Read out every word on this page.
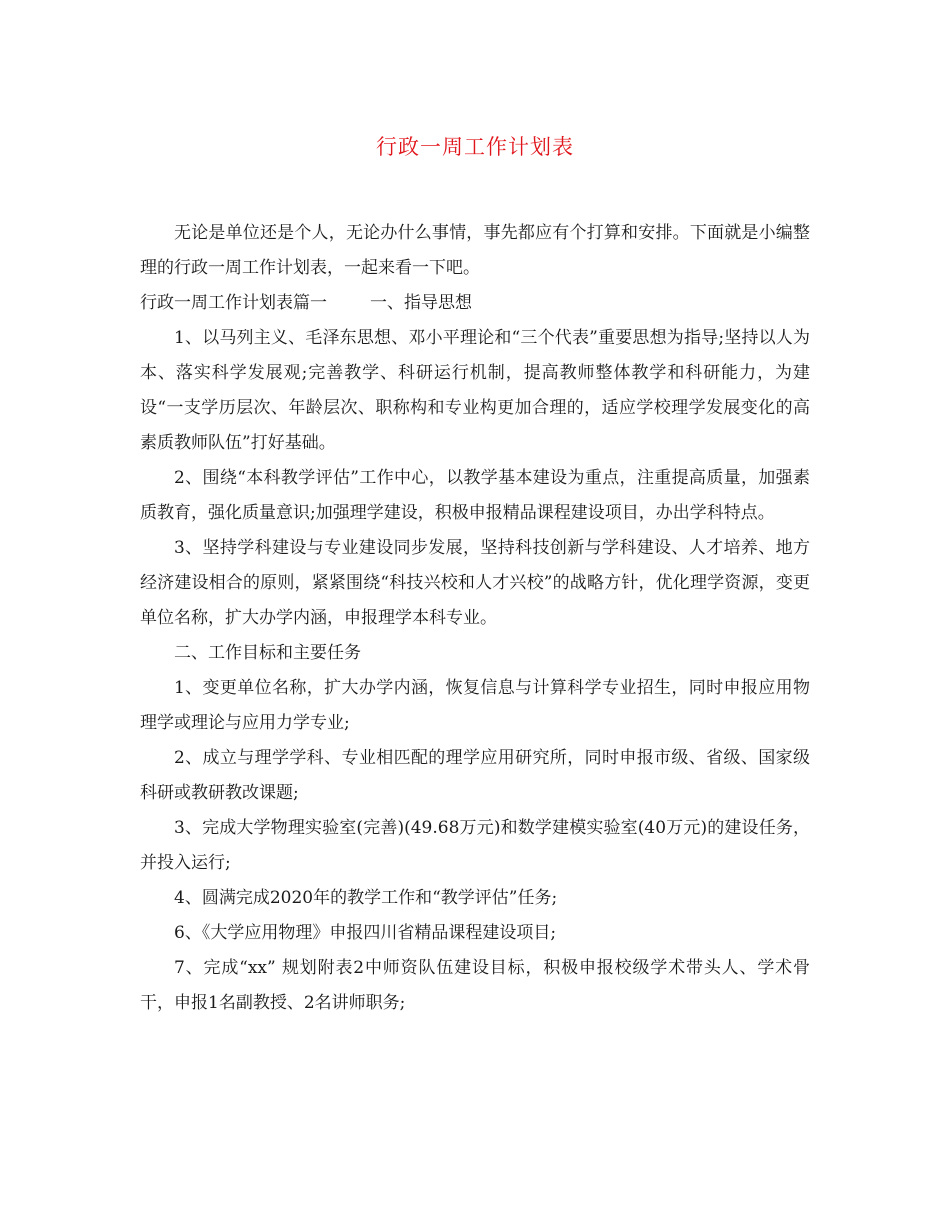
行政一周工作计划表

无论是单位还是个人，无论办什么事情，事先都应有个打算和安排。下面就是小编整理的行政一周工作计划表，一起来看一下吧。

行政一周工作计划表篇一	一、指导思想

1、以马列主义、毛泽东思想、邓小平理论和“三个代表”重要思想为指导;坚持以人为本、落实科学发展观;完善教学、科研运行机制，提高教师整体教学和科研能力，为建设“一支学历层次、年龄层次、职称构和专业构更加合理的，适应学校理学发展变化的高素质教师队伍”打好基础。

2、围绕“本科教学评估”工作中心，以教学基本建设为重点，注重提高质量，加强素质教育，强化质量意识;加强理学建设，积极申报精品课程建设项目，办出学科特点。

3、坚持学科建设与专业建设同步发展，坚持科技创新与学科建设、人才培养、地方经济建设相合的原则，紧紧围绕“科技兴校和人才兴校”的战略方针，优化理学资源，变更单位名称，扩大办学内涵，申报理学本科专业。

二、工作目标和主要任务

1、变更单位名称，扩大办学内涵，恢复信息与计算科学专业招生，同时申报应用物理学或理论与应用力学专业;

2、成立与理学学科、专业相匹配的理学应用研究所，同时申报市级、省级、国家级科研或教研教改课题;

3、完成大学物理实验室(完善)(49.68万元)和数学建模实验室(40万元)的建设任务，并投入运行;

4、圆满完成2020年的教学工作和“教学评估”任务;

6、《大学应用物理》申报四川省精品课程建设项目;

7、完成“xx” 规划附表2中师资队伍建设目标，积极申报校级学术带头人、学术骨干，申报1名副教授、2名讲师职务;
